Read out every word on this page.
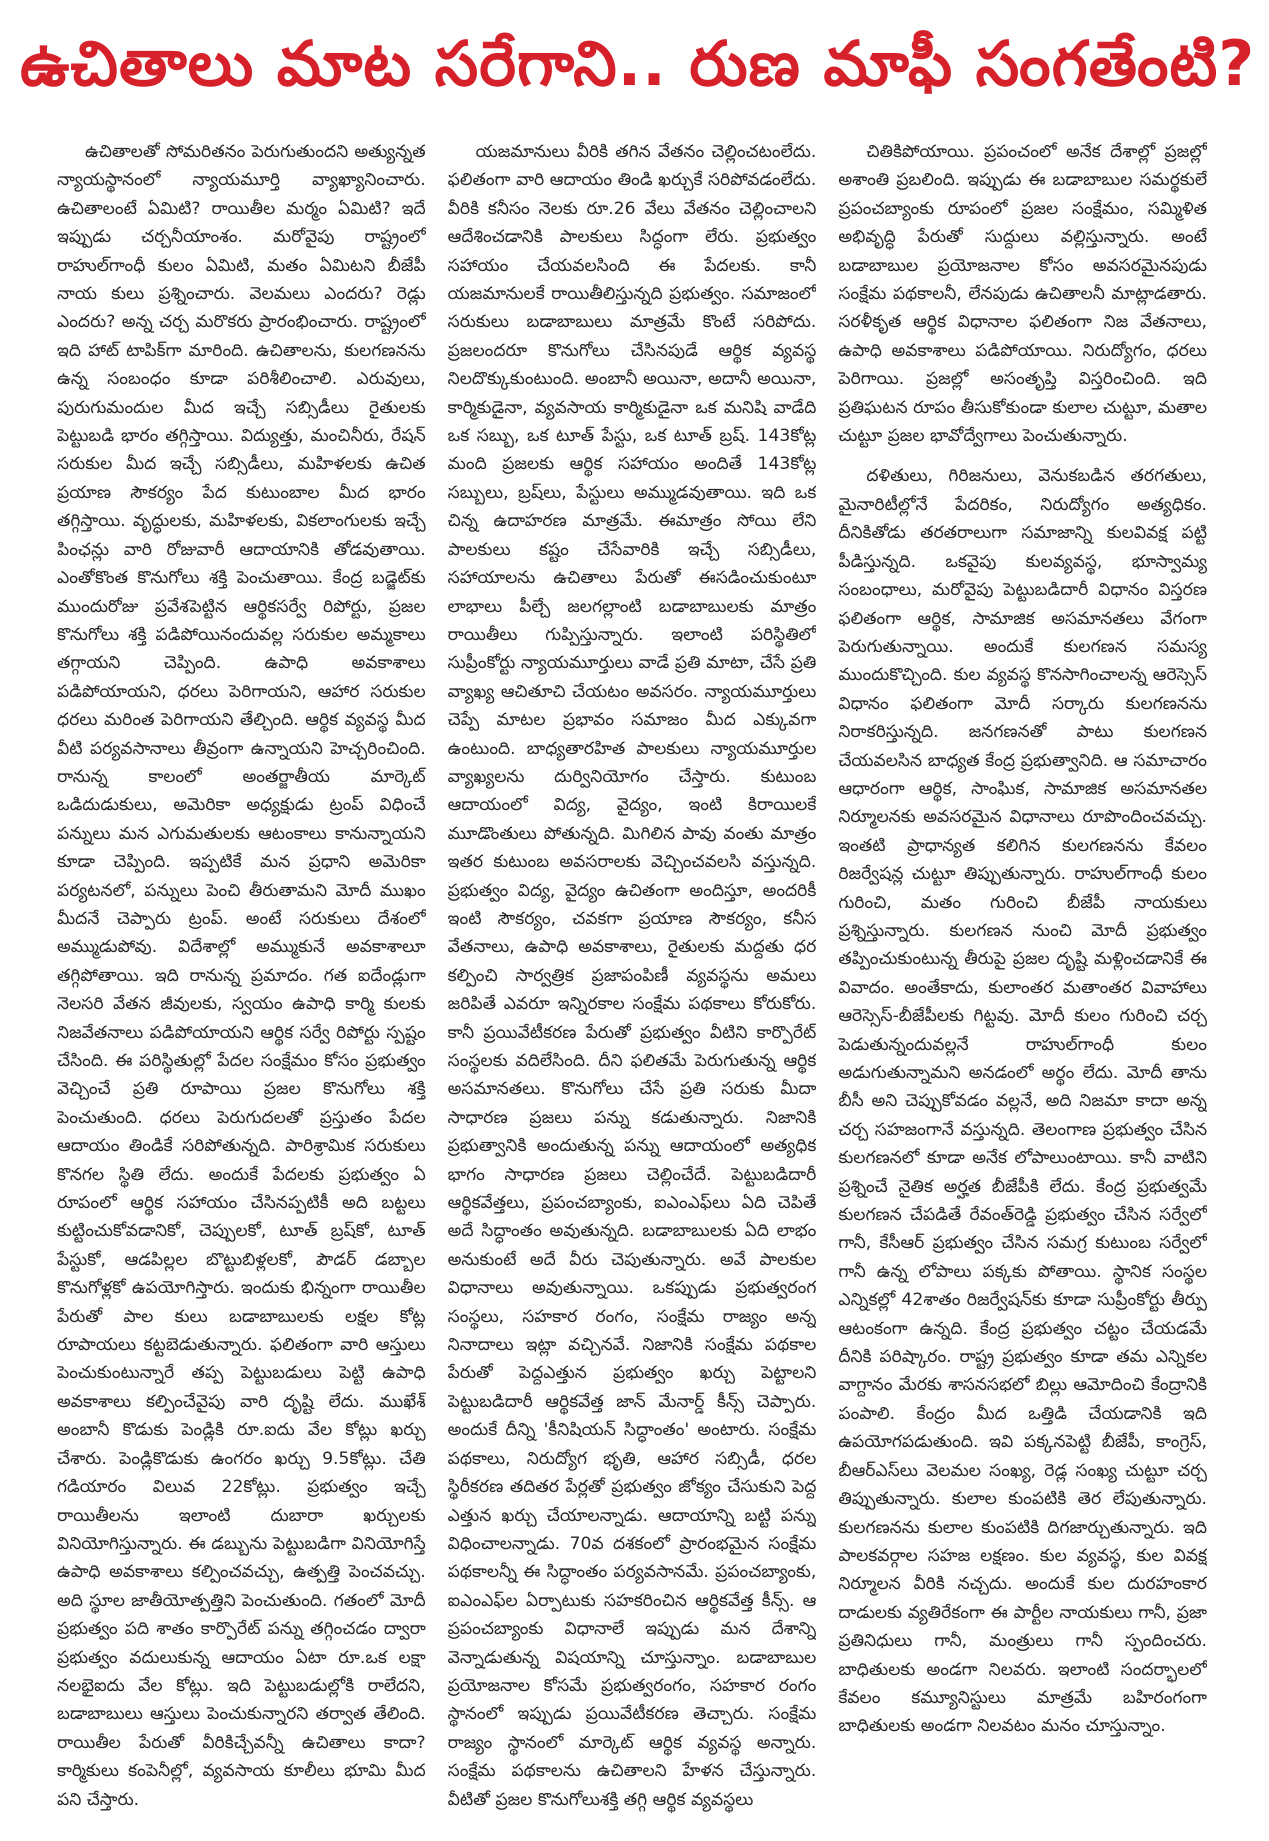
ఉచితాలు మాట సరేగాని.. రుణ మాఫీ సంగతేంటి?

ఉచితాలతో సోమరితనం పెరుగుతుందని అత్యున్నత న్యాయస్థానంలో న్యాయమూర్తి వ్యాఖ్యానించారు. ఉచితాలంటే ఏమిటి? రాయితీల మర్మం ఏమిటి? ఇదే ఇప్పుడు చర్చనీయాంశం. మరోవైపు రాష్ట్రంలో రాహుల్‌గాంధీ కులం ఏమిటి, మతం ఏమిటని బీజేపీ నాయ కులు ప్రశ్నించారు. వెలమలు ఎందరు? రెడ్లు ఎందరు? అన్న చర్చ మరొకరు ప్రారంభించారు. రాష్ట్రంలో ఇది హాట్ టాపిక్‌గా మారింది. ఉచితాలను, కులగణనను ఉన్న సంబంధం కూడా పరిశీలించాలి. ఎరువులు, పురుగుమందుల మీద ఇచ్చే సబ్సిడీలు రైతులకు పెట్టుబడి భారం తగ్గిస్తాయి. విద్యుత్తు, మంచినీరు, రేషన్ సరుకుల మీద ఇచ్చే సబ్సిడీలు, మహిళలకు ఉచిత ప్రయాణ సౌకర్యం పేద కుటుంబాల మీద భారం తగ్గిస్తాయి. వృద్ధులకు, మహిళలకు, వికలాంగులకు ఇచ్చే పింఛన్లు వారి రోజువారీ ఆదాయానికి తోడవుతాయి. ఎంతోకొంత కొనుగోలు శక్తి పెంచుతాయి. కేంద్ర బడ్జెట్‌కు ముందురోజు ప్రవేశపెట్టిన ఆర్థికసర్వే రిపోర్టు, ప్రజల కొనుగోలు శక్తి పడిపోయినందువల్ల సరుకుల అమ్మకాలు తగ్గాయని చెప్పింది. ఉపాధి అవకాశాలు పడిపోయాయని, ధరలు పెరిగాయని, ఆహార సరుకుల ధరలు మరింత పెరిగాయని తేల్చింది. ఆర్థిక వ్యవస్థ మీద వీటి పర్యవసానాలు తీవ్రంగా ఉన్నాయని హెచ్చరించింది. రానున్న కాలంలో అంతర్జాతీయ మార్కెట్ ఒడిదుడుకులు, అమెరికా అధ్యక్షుడు ట్రంప్ విధించే పన్నులు మన ఎగుమతులకు ఆటంకాలు కానున్నాయని కూడా చెప్పింది. ఇప్పటికే మన ప్రధాని అమెరికా పర్యటనలో, పన్నులు పెంచి తీరుతామని మోదీ ముఖం మీదనే చెప్పారు ట్రంప్. అంటే సరుకులు దేశంలో అమ్ముడుపోవు. విదేశాల్లో అమ్ముకునే అవకాశాలూ తగ్గిపోతాయి. ఇది రానున్న ప్రమాదం. గత ఐదేండ్లుగా నెలసరి వేతన జీవులకు, స్వయం ఉపాధి కార్మి కులకు నిజవేతనాలు పడిపోయాయని ఆర్థిక సర్వే రిపోర్టు స్పష్టం చేసింది. ఈ పరిస్థితుల్లో పేదల సంక్షేమం కోసం ప్రభుత్వం వెచ్చించే ప్రతి రూపాయి ప్రజల కొనుగోలు శక్తి పెంచుతుంది. ధరలు పెరుగుదలతో ప్రస్తుతం పేదల ఆదాయం తిండికే సరిపోతున్నది. పారిశ్రామిక సరుకులు కొనగల స్థితి లేదు. అందుకే పేదలకు ప్రభుత్వం ఏ రూపంలో ఆర్థిక సహాయం చేసినప్పటికీ అది బట్టలు కుట్టించుకోవడానికో, చెప్పులకో, టూత్ బ్రష్‌కో, టూత్ పేస్టుకో, ఆడపిల్లల బొట్టుబిళ్లలకో, పౌడర్ డబ్బాల కొనుగోళ్లకో ఉపయోగిస్తారు. ఇందుకు భిన్నంగా రాయితీల పేరుతో పాల కులు బడాబాబులకు లక్షల కోట్ల రూపాయలు కట్టబెడుతున్నారు. ఫలితంగా వారి ఆస్తులు పెంచుకుంటున్నారే తప్ప పెట్టుబడులు పెట్టి ఉపాధి అవకాశాలు కల్పించేవైపు వారి దృష్టి లేదు. ముఖేశ్ అంబానీ కొడుకు పెండ్లికి రూ.ఐదు వేల కోట్లు ఖర్చు చేశారు. పెండ్లికొడుకు ఉంగరం ఖర్చు 9.5కోట్లు. చేతి గడియారం విలువ 22కోట్లు. ప్రభుత్వం ఇచ్చే రాయితీలను ఇలాంటి దుబారా ఖర్చులకు వినియోగిస్తున్నారు. ఈ డబ్బును పెట్టుబడిగా వినియోగిస్తే ఉపాధి అవకాశాలు కల్పించవచ్చు, ఉత్పత్తి పెంచవచ్చు. అది స్థూల జాతీయోత్పత్తిని పెంచుతుంది. గతంలో మోదీ ప్రభుత్వం పది శాతం కార్పొరేట్ పన్ను తగ్గించడం ద్వారా ప్రభుత్వం వదులుకున్న ఆదాయం ఏటా రూ.ఒక లక్షా నలభైఐదు వేల కోట్లు. ఇది పెట్టుబడుల్లోకి రాలేదని, బడాబాబులు ఆస్తులు పెంచుకున్నారని తర్వాత తేలింది. రాయితీల పేరుతో వీరికిచ్చేవన్నీ ఉచితాలు కాదా? కార్మికులు కంపెనీల్లో, వ్యవసాయ కూలీలు భూమి మీద పని చేస్తారు.

యజమానులు వీరికి తగిన వేతనం చెల్లించటంలేదు. ఫలితంగా వారి ఆదాయం తిండి ఖర్చుకే సరిపోవడంలేదు. వీరికి కనీసం నెలకు రూ.26 వేలు వేతనం చెల్లించాలని ఆదేశించడానికి పాలకులు సిద్ధంగా లేరు. ప్రభుత్వం సహాయం చేయవలసింది ఈ పేదలకు. కానీ యజమానులకే రాయితీలిస్తున్నది ప్రభుత్వం. సమాజంలో సరుకులు బడాబాబులు మాత్రమే కొంటే సరిపోదు. ప్రజలందరూ కొనుగోలు చేసినపుడే ఆర్థిక వ్యవస్థ నిలదొక్కుకుంటుంది. అంబానీ అయినా, అదానీ అయినా, కార్మికుడైనా, వ్యవసాయ కార్మికుడైనా ఒక మనిషి వాడేది ఒక సబ్బు, ఒక టూత్ పేస్టు, ఒక టూత్ బ్రష్. 143కోట్ల మంది ప్రజలకు ఆర్థిక సహాయం అందితే 143కోట్ల సబ్బులు, బ్రష్‌లు, పేస్టులు అమ్ముడవుతాయి. ఇది ఒక చిన్న ఉదాహరణ మాత్రమే. ఈమాత్రం సోయి లేని పాలకులు కష్టం చేసేవారికి ఇచ్చే సబ్సిడీలు, సహాయాలను ఉచితాలు పేరుతో ఈసడించుకుంటూ లాభాలు పీల్చే జలగల్లాంటి బడాబాబులకు మాత్రం రాయితీలు గుప్పిస్తున్నారు. ఇలాంటి పరిస్థితిలో సుప్రీంకోర్టు న్యాయమూర్తులు వాడే ప్రతి మాటా, చేసే ప్రతి వ్యాఖ్య ఆచితూచి చేయటం అవసరం. న్యాయమూర్తులు చెప్పే మాటల ప్రభావం సమాజం మీద ఎక్కువగా ఉంటుంది. బాధ్యతారహిత పాలకులు న్యాయమూర్తుల వ్యాఖ్యలను దుర్వినియోగం చేస్తారు. కుటుంబ ఆదాయంలో విద్య, వైద్యం, ఇంటి కిరాయిలకే మూడొంతులు పోతున్నది. మిగిలిన పావు వంతు మాత్రం ఇతర కుటుంబ అవసరాలకు వెచ్చించవలసి వస్తున్నది. ప్రభుత్వం విద్య, వైద్యం ఉచితంగా అందిస్తూ, అందరికీ ఇంటి సౌకర్యం, చవకగా ప్రయాణ సౌకర్యం, కనీస వేతనాలు, ఉపాధి అవకాశాలు, రైతులకు మద్దతు ధర కల్పించి సార్వత్రిక ప్రజాపంపిణీ వ్యవస్థను అమలు జరిపితే ఎవరూ ఇన్నిరకాల సంక్షేమ పథకాలు కోరుకోరు. కానీ ప్రయివేటీకరణ పేరుతో ప్రభుత్వం వీటిని కార్పొరేట్ సంస్థలకు వదిలేసింది. దీని ఫలితమే పెరుగుతున్న ఆర్థిక అసమానతలు. కొనుగోలు చేసే ప్రతి సరుకు మీదా సాధారణ ప్రజలు పన్ను కడుతున్నారు. నిజానికి ప్రభుత్వానికి అందుతున్న పన్ను ఆదాయంలో అత్యధిక భాగం సాధారణ ప్రజలు చెల్లించేదే. పెట్టుబడిదారీ ఆర్థికవేత్తలు, ప్రపంచబ్యాంకు, ఐఎంఎఫ్‌లు ఏది చెపితే అదే సిద్ధాంతం అవుతున్నది. బడాబాబులకు ఏది లాభం అనుకుంటే అదే వీరు చెపుతున్నారు. అవే పాలకుల విధానాలు అవుతున్నాయి. ఒకప్పుడు ప్రభుత్వరంగ సంస్థలు, సహకార రంగం, సంక్షేమ రాజ్యం అన్న నినాదాలు ఇట్లా వచ్చినవే. నిజానికి సంక్షేమ పథకాల పేరుతో పెద్దఎత్తున ప్రభుత్వం ఖర్చు పెట్టాలని పెట్టుబడిదారీ ఆర్థికవేత్త జాన్ మేనార్డ్ కీన్స్ చెప్పారు. అందుకే దీన్ని 'కీనిషియన్ సిద్ధాంతం' అంటారు. సంక్షేమ పథకాలు, నిరుద్యోగ భృతి, ఆహార సబ్సిడీ, ధరల స్థిరీకరణ తదితర పేర్లతో ప్రభుత్వం జోక్యం చేసుకుని పెద్ద ఎత్తున ఖర్చు చేయాలన్నాడు. ఆదాయాన్ని బట్టి పన్ను విధించాలన్నాడు. 70వ దశకంలో ప్రారంభమైన సంక్షేమ పథకాలన్నీ ఈ సిద్ధాంతం పర్యవసానమే. ప్రపంచబ్యాంకు, ఐఎంఎఫ్‌ల ఏర్పాటుకు సహకరించిన ఆర్థికవేత్త కీన్స్. ఆ ప్రపంచబ్యాంకు విధానాలే ఇప్పుడు మన దేశాన్ని వెన్నాడుతున్న విషయాన్ని చూస్తున్నాం. బడాబాబుల ప్రయోజనాల కోసమే ప్రభుత్వరంగం, సహకార రంగం స్థానంలో ఇప్పుడు ప్రయివేటీకరణ తెచ్చారు. సంక్షేమ రాజ్యం స్థానంలో మార్కెట్ ఆర్థిక వ్యవస్థ అన్నారు. సంక్షేమ పథకాలను ఉచితాలని హేళన చేస్తున్నారు. వీటితో ప్రజల కొనుగోలుశక్తి తగ్గి ఆర్థిక వ్యవస్థలు

చితికిపోయాయి. ప్రపంచంలో అనేక దేశాల్లో ప్రజల్లో అశాంతి ప్రబలింది. ఇప్పుడు ఈ బడాబాబుల సమర్థకులే ప్రపంచబ్యాంకు రూపంలో ప్రజల సంక్షేమం, సమ్మిళిత అభివృద్ధి పేరుతో సుద్దులు వల్లిస్తున్నారు. అంటే బడాబాబుల ప్రయోజనాల కోసం అవసరమైనపుడు సంక్షేమ పథకాలనీ, లేనపుడు ఉచితాలనీ మాట్లాడతారు. సరళీకృత ఆర్థిక విధానాల ఫలితంగా నిజ వేతనాలు, ఉపాధి అవకాశాలు పడిపోయాయి. నిరుద్యోగం, ధరలు పెరిగాయి. ప్రజల్లో అసంతృప్తి విస్తరించింది. ఇది ప్రతిఘటన రూపం తీసుకోకుండా కులాల చుట్టూ, మతాల చుట్టూ ప్రజల భావోద్వేగాలు పెంచుతున్నారు.

దళితులు, గిరిజనులు, వెనుకబడిన తరగతులు, మైనారిటీల్లోనే పేదరికం, నిరుద్యోగం అత్యధికం. దీనికితోడు తరతరాలుగా సమాజాన్ని కులవివక్ష పట్టి పీడిస్తున్నది. ఒకవైపు కులవ్యవస్థ, భూస్వామ్య సంబంధాలు, మరోవైపు పెట్టుబడిదారీ విధానం విస్తరణ ఫలితంగా ఆర్థిక, సామాజిక అసమానతలు వేగంగా పెరుగుతున్నాయి. అందుకే కులగణన సమస్య ముందుకొచ్చింది. కుల వ్యవస్థ కొనసాగించాలన్న ఆరెస్సెస్ విధానం ఫలితంగా మోదీ సర్కారు కులగణనను నిరాకరిస్తున్నది. జనగణనతో పాటు కులగణన చేయవలసిన బాధ్యత కేంద్ర ప్రభుత్వానిది. ఆ సమాచారం ఆధారంగా ఆర్థిక, సాంఘిక, సామాజిక అసమానతల నిర్మూలనకు అవసరమైన విధానాలు రూపొందించవచ్చు. ఇంతటి ప్రాధాన్యత కలిగిన కులగణనను కేవలం రిజర్వేషన్ల చుట్టూ తిప్పుతున్నారు. రాహుల్‌గాంధీ కులం గురించి, మతం గురించి బీజేపీ నాయకులు ప్రశ్నిస్తున్నారు. కులగణన నుంచి మోదీ ప్రభుత్వం తప్పించుకుంటున్న తీరుపై ప్రజల దృష్టి మళ్లించడానికే ఈ వివాదం. అంతేకాదు, కులాంతర మతాంతర వివాహాలు ఆరెస్సెస్-బీజేపీలకు గిట్టవు. మోదీ కులం గురించి చర్చ పెడుతున్నందువల్లనే రాహుల్‌గాంధీ కులం అడుగుతున్నామని అనడంలో అర్థం లేదు. మోదీ తాను బీసీ అని చెప్పుకోవడం వల్లనే, అది నిజమా కాదా అన్న చర్చ సహజంగానే వస్తున్నది. తెలంగాణ ప్రభుత్వం చేసిన కులగణనలో కూడా అనేక లోపాలుంటాయి. కానీ వాటిని ప్రశ్నించే నైతిక అర్హత బీజేపీకి లేదు. కేంద్ర ప్రభుత్వమే కులగణన చేపడితే రేవంత్‌రెడ్డి ప్రభుత్వం చేసిన సర్వేలో గానీ, కేసీఆర్ ప్రభుత్వం చేసిన సమగ్ర కుటుంబ సర్వేలో గానీ ఉన్న లోపాలు పక్కకు పోతాయి. స్థానిక సంస్థల ఎన్నికల్లో 42శాతం రిజర్వేషన్‌కు కూడా సుప్రీంకోర్టు తీర్పు ఆటంకంగా ఉన్నది. కేంద్ర ప్రభుత్వం చట్టం చేయడమే దీనికి పరిష్కారం. రాష్ట్ర ప్రభుత్వం కూడా తమ ఎన్నికల వాగ్దానం మేరకు శాసనసభలో బిల్లు ఆమోదించి కేంద్రానికి పంపాలి. కేంద్రం మీద ఒత్తిడి చేయడానికి ఇది ఉపయోగపడుతుంది. ఇవి పక్కనపెట్టి బీజేపీ, కాంగ్రెస్, బీఆర్ఎస్‌లు వెలమల సంఖ్య, రెడ్ల సంఖ్య చుట్టూ చర్చ తిప్పుతున్నారు. కులాల కుంపటికి తెర లేపుతున్నారు. కులగణనను కులాల కుంపటికి దిగజార్చుతున్నారు. ఇది పాలకవర్గాల సహజ లక్షణం. కుల వ్యవస్థ, కుల వివక్ష నిర్మూలన వీరికి నచ్చదు. అందుకే కుల దురహంకార దాడులకు వ్యతిరేకంగా ఈ పార్టీల నాయకులు గానీ, ప్రజా ప్రతినిధులు గానీ, మంత్రులు గానీ స్పందించరు. బాధితులకు అండగా నిలవరు. ఇలాంటి సందర్భాలలో కేవలం కమ్యూనిస్టులు మాత్రమే బహిరంగంగా బాధితులకు అండగా నిలవటం మనం చూస్తున్నాం.
